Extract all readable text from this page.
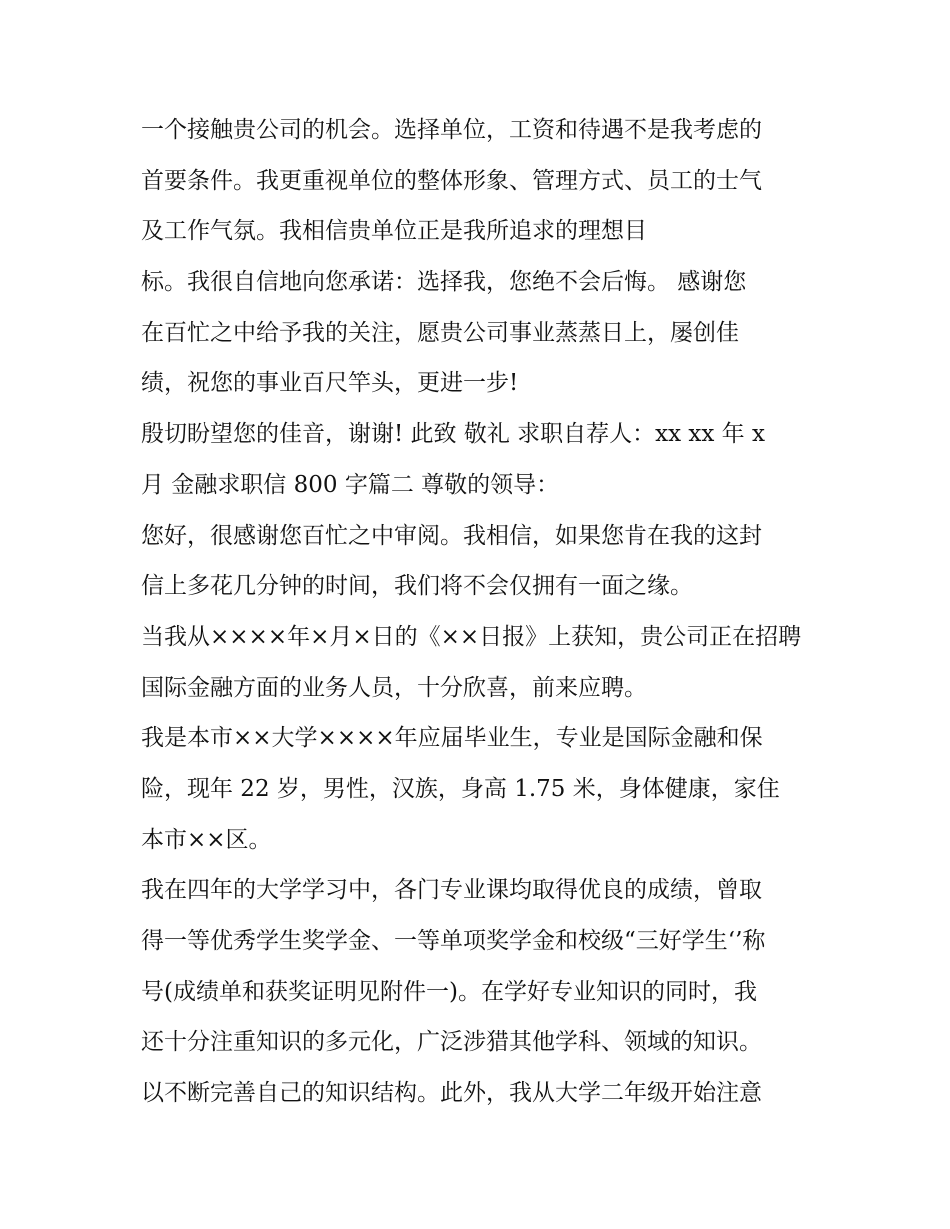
一个接触贵公司的机会。选择单位，工资和待遇不是我考虑的
首要条件。我更重视单位的整体形象、管理方式、员工的士气
及工作气氛。我相信贵单位正是我所追求的理想目
标。我很自信地向您承诺：选择我，您绝不会后悔。 感谢您
在百忙之中给予我的关注，愿贵公司事业蒸蒸日上，屡创佳
绩，祝您的事业百尺竿头，更进一步!
殷切盼望您的佳音，谢谢! 此致 敬礼 求职自荐人：xx xx 年 x
月 金融求职信 800 字篇二 尊敬的领导：
您好，很感谢您百忙之中审阅。我相信，如果您肯在我的这封
信上多花几分钟的时间，我们将不会仅拥有一面之缘。
当我从××××年×月×日的《××日报》上获知，贵公司正在招聘
国际金融方面的业务人员，十分欣喜，前来应聘。
我是本市××大学××××年应届毕业生，专业是国际金融和保
险，现年 22 岁，男性，汉族，身高 1.75 米，身体健康，家住
本市××区。
我在四年的大学学习中，各门专业课均取得优良的成绩，曾取
得一等优秀学生奖学金、一等单项奖学金和校级“三好学生‘’称
号(成绩单和获奖证明见附件一)。在学好专业知识的同时，我
还十分注重知识的多元化，广泛涉猎其他学科、领域的知识。
以不断完善自己的知识结构。此外，我从大学二年级开始注意
